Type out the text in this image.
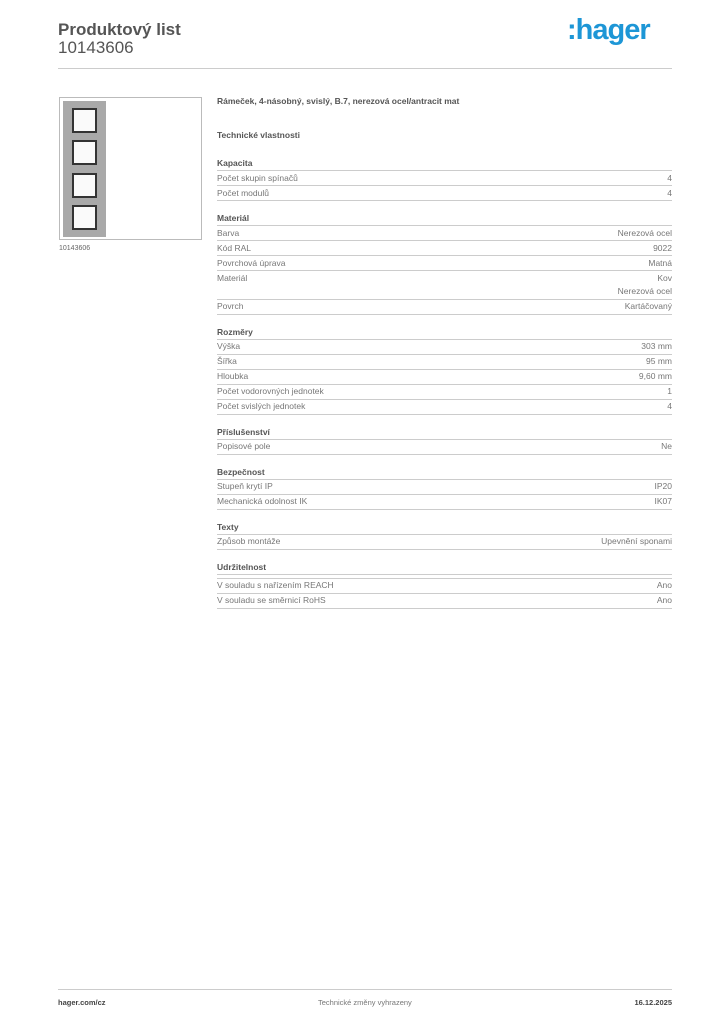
Produktový list
10143606
:hager
10143606
Rámeček, 4-násobný, svislý, B.7, nerezová ocel/antracit mat
Technické vlastnosti
Kapacita
Počet skupin spínačů	4
Počet modulů	4
Materiál
Barva	Nerezová ocel
Kód RAL	9022
Povrchová úprava	Matná
Materiál	Kov
Nerezová ocel
Povrch	Kartáčovaný
Rozměry
Výška	303 mm
Šířka	95 mm
Hloubka	9,60 mm
Počet vodorovných jednotek	1
Počet svislých jednotek	4
Příslušenství
Popisové pole	Ne
Bezpečnost
Stupeň krytí IP	IP20
Mechanická odolnost IK	IK07
Texty
Způsob montáže	Upevnění sponami
Udržitelnost
V souladu s nařízením REACH	Ano
V souladu se směrnicí RoHS	Ano
hager.com/cz	Technické změny vyhrazeny	16.12.2025
